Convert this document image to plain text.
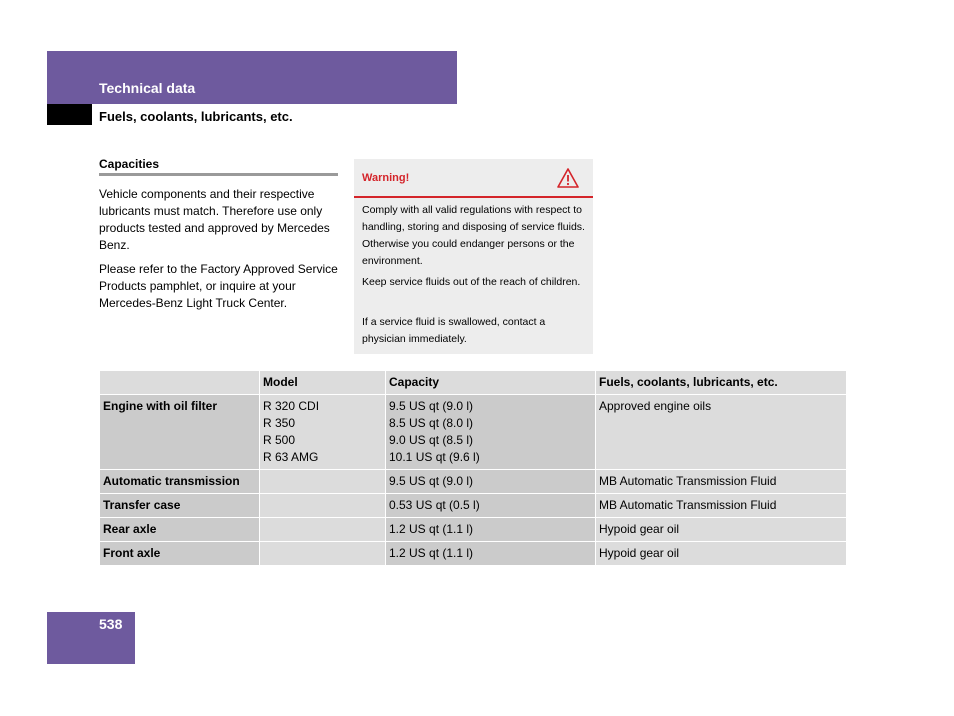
Technical data
Fuels, coolants, lubricants, etc.
Capacities
Vehicle components and their respective lubricants must match. Therefore use only products tested and approved by Mercedes Benz.
Please refer to the Factory Approved Service Products pamphlet, or inquire at your Mercedes-Benz Light Truck Center.
Warning!
Comply with all valid regulations with respect to handling, storing and disposing of service fluids. Otherwise you could endanger persons or the environment.
Keep service fluids out of the reach of children.
If a service fluid is swallowed, contact a physician immediately.
	Model	Capacity	Fuels, coolants, lubricants, etc.
Engine with oil filter	R 320 CDI
R 350
R 500
R 63 AMG	9.5 US qt (9.0 l)
8.5 US qt (8.0 l)
9.0 US qt (8.5 l)
10.1 US qt (9.6 l)	Approved engine oils
Automatic transmission		9.5 US qt (9.0 l)	MB Automatic Transmission Fluid
Transfer case		0.53 US qt (0.5 l)	MB Automatic Transmission Fluid
Rear axle		1.2 US qt (1.1 l)	Hypoid gear oil
Front axle		1.2 US qt (1.1 l)	Hypoid gear oil
538
